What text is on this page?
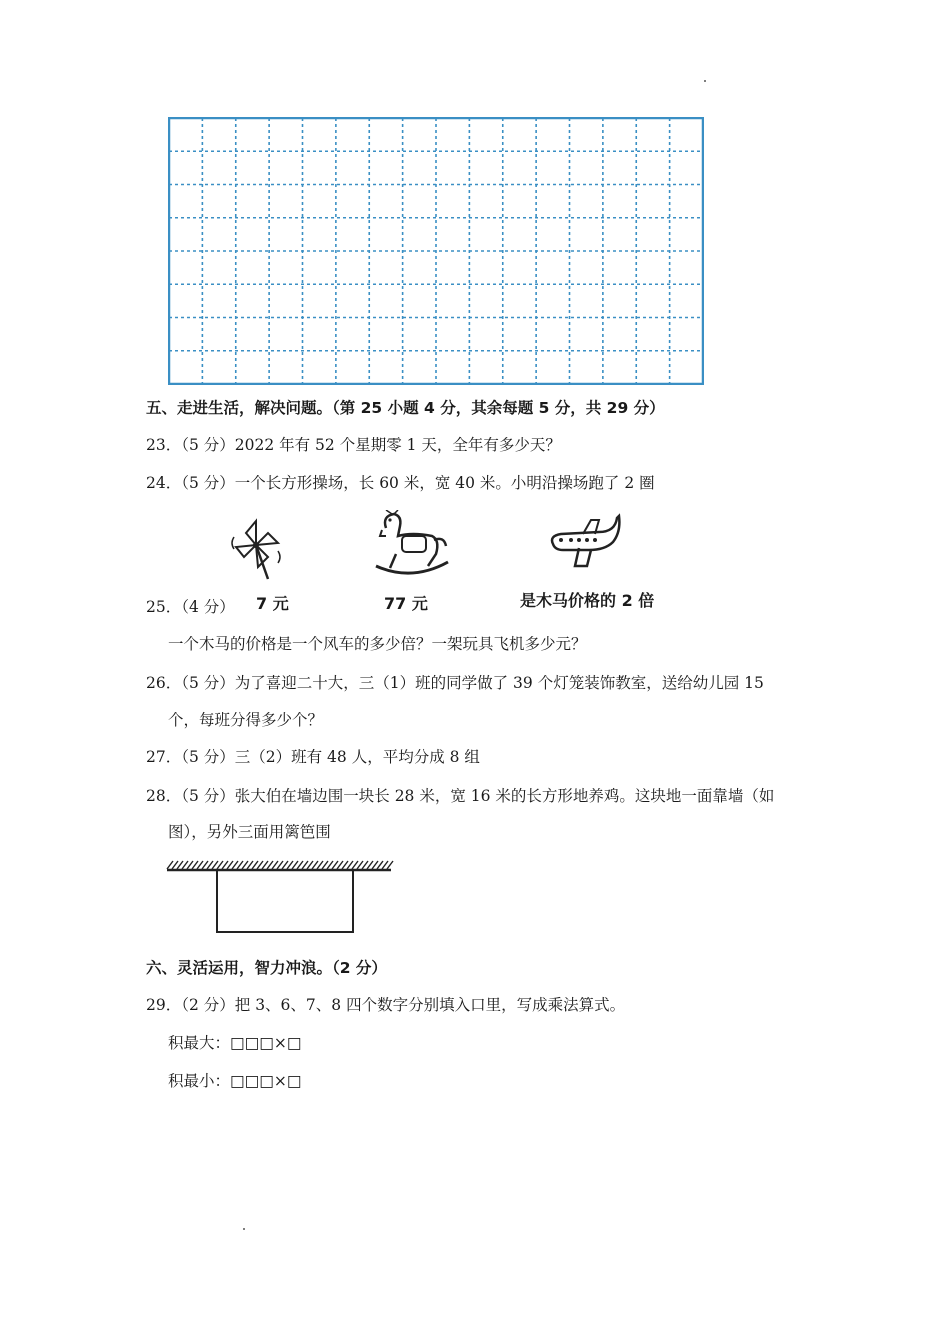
五、走进生活，解决问题。（第 25 小题 4 分，其余每题 5 分，共 29 分）
23．（5 分）2022 年有 52 个星期零 1 天，全年有多少天？
24．（5 分）一个长方形操场，长 60 米，宽 40 米。小明沿操场跑了 2 圈
25．（4 分） 7 元	77 元	是木马价格的 2 倍
一个木马的价格是一个风车的多少倍？一架玩具飞机多少元？
26．（5 分）为了喜迎二十大，三（1）班的同学做了 39 个灯笼装饰教室，送给幼儿园 15
个，每班分得多少个？
27．（5 分）三（2）班有 48 人，平均分成 8 组
28．（5 分）张大伯在墙边围一块长 28 米，宽 16 米的长方形地养鸡。这块地一面靠墙（如
图），另外三面用篱笆围
六、灵活运用，智力冲浪。（2 分）
29．（2 分）把 3、6、7、8 四个数字分别填入口里，写成乘法算式。
积最大：□□□×□
积最小：□□□×□
